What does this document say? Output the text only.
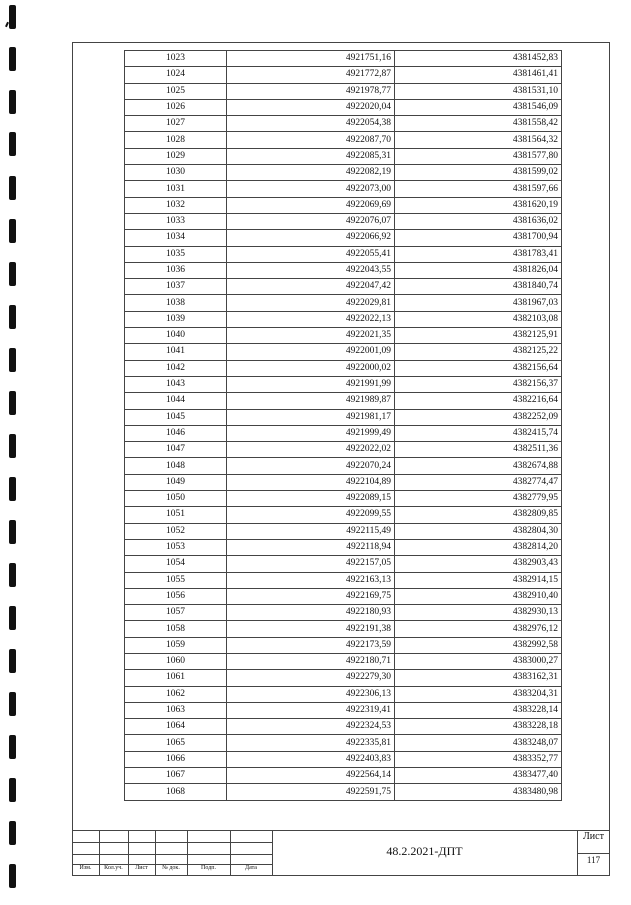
1023	4921751,16	4381452,83
1024	4921772,87	4381461,41
1025	4921978,77	4381531,10
1026	4922020,04	4381546,09
1027	4922054,38	4381558,42
1028	4922087,70	4381564,32
1029	4922085,31	4381577,80
1030	4922082,19	4381599,02
1031	4922073,00	4381597,66
1032	4922069,69	4381620,19
1033	4922076,07	4381636,02
1034	4922066,92	4381700,94
1035	4922055,41	4381783,41
1036	4922043,55	4381826,04
1037	4922047,42	4381840,74
1038	4922029,81	4381967,03
1039	4922022,13	4382103,08
1040	4922021,35	4382125,91
1041	4922001,09	4382125,22
1042	4922000,02	4382156,64
1043	4921991,99	4382156,37
1044	4921989,87	4382216,64
1045	4921981,17	4382252,09
1046	4921999,49	4382415,74
1047	4922022,02	4382511,36
1048	4922070,24	4382674,88
1049	4922104,89	4382774,47
1050	4922089,15	4382779,95
1051	4922099,55	4382809,85
1052	4922115,49	4382804,30
1053	4922118,94	4382814,20
1054	4922157,05	4382903,43
1055	4922163,13	4382914,15
1056	4922169,75	4382910,40
1057	4922180,93	4382930,13
1058	4922191,38	4382976,12
1059	4922173,59	4382992,58
1060	4922180,71	4383000,27
1061	4922279,30	4383162,31
1062	4922306,13	4383204,31
1063	4922319,41	4383228,14
1064	4922324,53	4383228,18
1065	4922335,81	4383248,07
1066	4922403,83	4383352,77
1067	4922564,14	4383477,40
1068	4922591,75	4383480,98
Изм.	Кол.уч.	Лист	№ док.	Подп.	Дата
48.2.2021-ДПТ
Лист
117
